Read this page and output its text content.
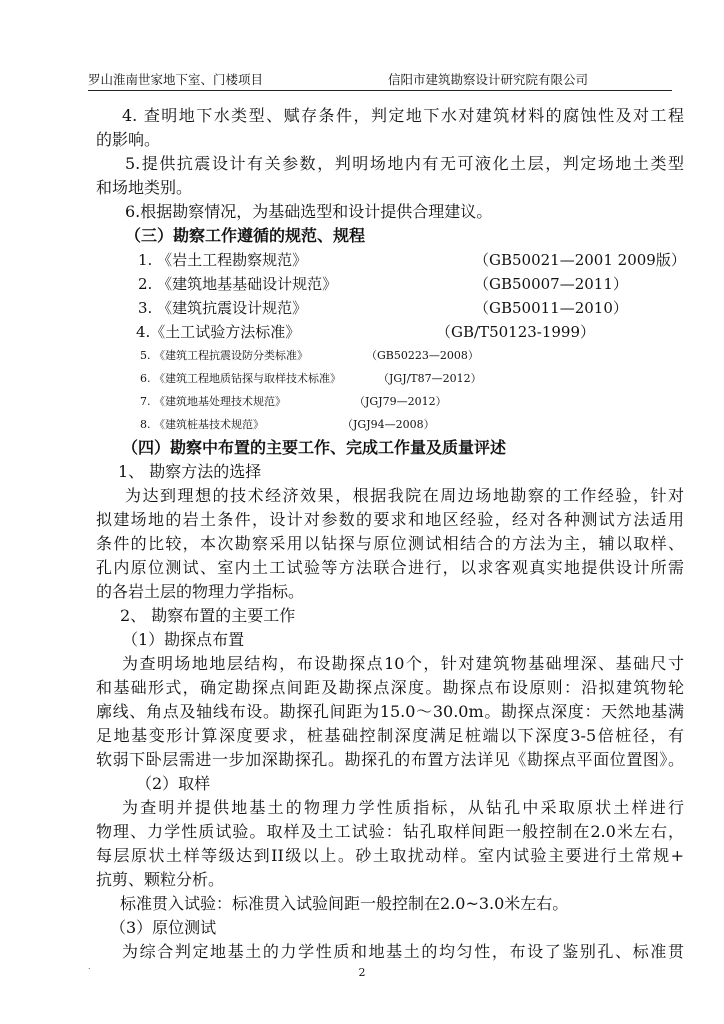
罗山淮南世家地下室、门楼项目	信阳市建筑勘察设计研究院有限公司
4. 查明地下水类型、赋存条件，判定地下水对建筑材料的腐蚀性及对工程
的影响。
5.提供抗震设计有关参数，判明场地内有无可液化土层，判定场地土类型
和场地类别。
6.根据勘察情况，为基础选型和设计提供合理建议。
（三）勘察工作遵循的规范、规程
1. 《岩土工程勘察规范》	（GB50021—2001 2009版）
2. 《建筑地基基础设计规范》	（GB50007—2011）
3. 《建筑抗震设计规范》	（GB50011—2010）
4.《土工试验方法标准》	（GB/T50123-1999）
5. 《建筑工程抗震设防分类标准》	（GB50223—2008）
6. 《建筑工程地质钻探与取样技术标准》	（JGJ/T87—2012）
7. 《建筑地基处理技术规范》	（JGJ79—2012）
8. 《建筑桩基技术规范》	（JGJ94—2008）
（四）勘察中布置的主要工作、完成工作量及质量评述
1、 勘察方法的选择
为达到理想的技术经济效果，根据我院在周边场地勘察的工作经验，针对
拟建场地的岩土条件，设计对参数的要求和地区经验，经对各种测试方法适用
条件的比较，本次勘察采用以钻探与原位测试相结合的方法为主，辅以取样、
孔内原位测试、室内土工试验等方法联合进行，以求客观真实地提供设计所需
的各岩土层的物理力学指标。
2、 勘察布置的主要工作
（1）勘探点布置
为查明场地地层结构，布设勘探点10个，针对建筑物基础埋深、基础尺寸
和基础形式，确定勘探点间距及勘探点深度。勘探点布设原则：沿拟建筑物轮
廓线、角点及轴线布设。勘探孔间距为15.0～30.0m。勘探点深度：天然地基满
足地基变形计算深度要求，桩基础控制深度满足桩端以下深度3-5倍桩径，有
软弱下卧层需进一步加深勘探孔。勘探孔的布置方法详见《勘探点平面位置图》。
（2）取样
为查明并提供地基土的物理力学性质指标，从钻孔中采取原状土样进行
物理、力学性质试验。取样及土工试验：钻孔取样间距一般控制在2.0米左右，
每层原状土样等级达到II级以上。砂土取扰动样。室内试验主要进行土常规+
抗剪、颗粒分析。
标准贯入试验：标准贯入试验间距一般控制在2.0~3.0米左右。
（3）原位测试
为综合判定地基土的力学性质和地基土的均匀性，布设了鉴别孔、标准贯
.	2
